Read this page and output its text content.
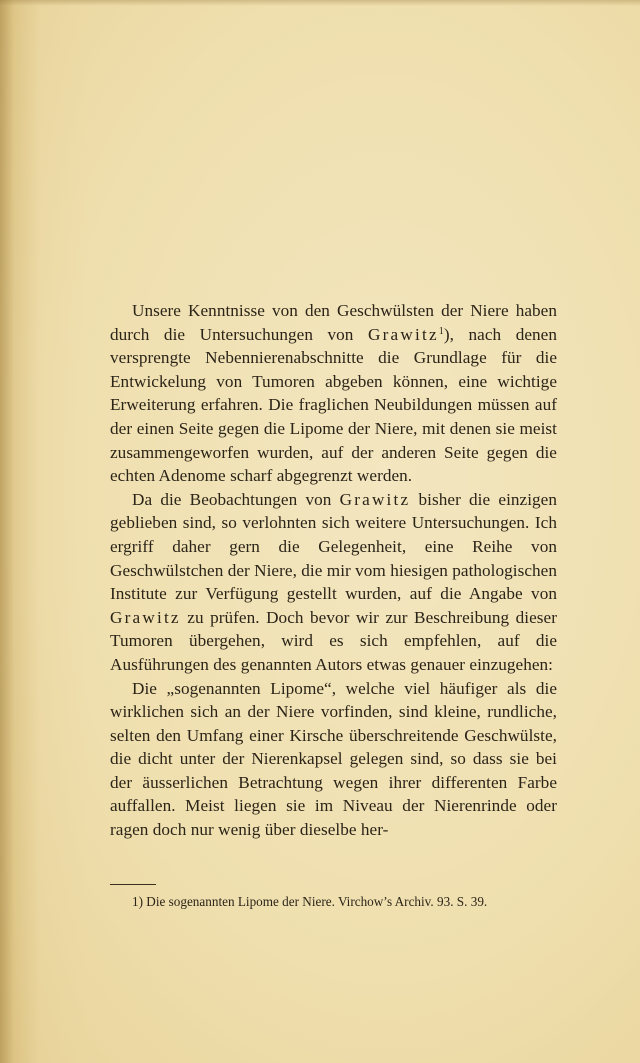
Unsere Kenntnisse von den Geschwülsten der Niere haben durch die Untersuchungen von Grawitz$^1$), nach denen versprengte Nebennierenabschnitte die Grundlage für die Entwickelung von Tumoren abgeben können, eine wichtige Erweiterung erfahren. Die fraglichen Neubildungen müssen auf der einen Seite gegen die Lipome der Niere, mit denen sie meist zusammengeworfen wurden, auf der anderen Seite gegen die echten Adenome scharf abgegrenzt werden.

Da die Beobachtungen von Grawitz bisher die einzigen geblieben sind, so verlohnten sich weitere Untersuchungen. Ich ergriff daher gern die Gelegenheit, eine Reihe von Geschwülstchen der Niere, die mir vom hiesigen pathologischen Institute zur Verfügung gestellt wurden, auf die Angabe von Grawitz zu prüfen. Doch bevor wir zur Beschreibung dieser Tumoren übergehen, wird es sich empfehlen, auf die Ausführungen des genannten Autors etwas genauer einzugehen:

Die „sogenannten Lipome“, welche viel häufiger als die wirklichen sich an der Niere vorfinden, sind kleine, rundliche, selten den Umfang einer Kirsche überschreitende Geschwülste, die dicht unter der Nierenkapsel gelegen sind, so dass sie bei der äusserlichen Betrachtung wegen ihrer differenten Farbe auffallen. Meist liegen sie im Niveau der Nierenrinde oder ragen doch nur wenig über dieselbe her-

1) Die sogenannten Lipome der Niere. Virchow’s Archiv. 93. S. 39.
